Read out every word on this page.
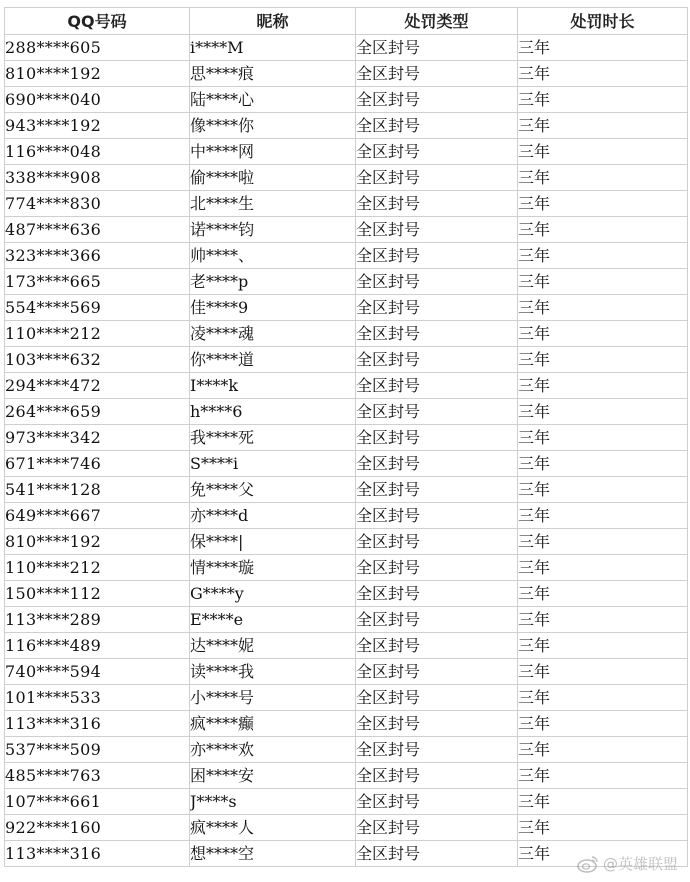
QQ号码	昵称	处罚类型	处罚时长
288****605	i****M	全区封号	三年
810****192	思****痕	全区封号	三年
690****040	陆****心	全区封号	三年
943****192	像****你	全区封号	三年
116****048	中****网	全区封号	三年
338****908	偷****啦	全区封号	三年
774****830	北****生	全区封号	三年
487****636	诺****钧	全区封号	三年
323****366	帅****、	全区封号	三年
173****665	老****p	全区封号	三年
554****569	佳****9	全区封号	三年
110****212	凌****魂	全区封号	三年
103****632	你****道	全区封号	三年
294****472	I****k	全区封号	三年
264****659	h****6	全区封号	三年
973****342	我****死	全区封号	三年
671****746	S****i	全区封号	三年
541****128	免****父	全区封号	三年
649****667	亦****d	全区封号	三年
810****192	保****|	全区封号	三年
110****212	情****璇	全区封号	三年
150****112	G****y	全区封号	三年
113****289	E****e	全区封号	三年
116****489	达****妮	全区封号	三年
740****594	读****我	全区封号	三年
101****533	小****号	全区封号	三年
113****316	疯****癫	全区封号	三年
537****509	亦****欢	全区封号	三年
485****763	困****安	全区封号	三年
107****661	J****s	全区封号	三年
922****160	疯****人	全区封号	三年
113****316	想****空	全区封号	三年
@英雄联盟
